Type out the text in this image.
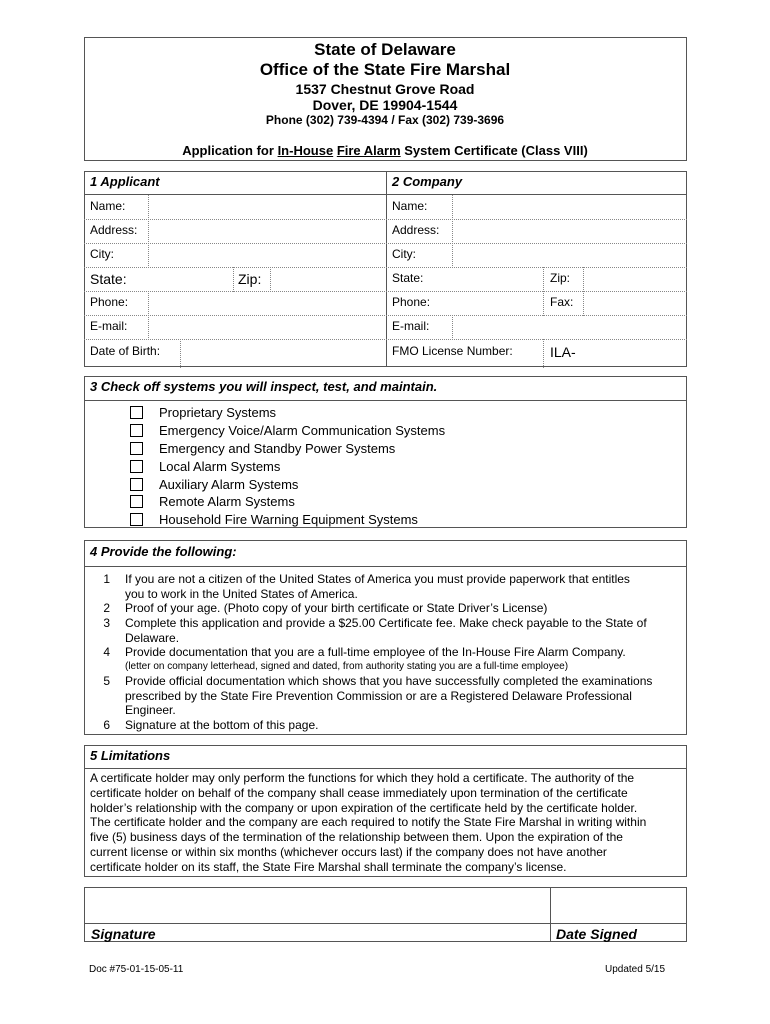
State of Delaware
Office of the State Fire Marshal
1537 Chestnut Grove Road
Dover, DE 19904-1544
Phone (302) 739-4394 / Fax (302) 739-3696
Application for In-House Fire Alarm System Certificate (Class VIII)
1 Applicant	2 Company
Name:
Address:
City:
State:	Zip:
Phone:
E-mail:
Date of Birth:
Name:
Address:
City:
State:	Zip:
Phone:	Fax:
E-mail:
FMO License Number:	ILA-
3 Check off systems you will inspect, test, and maintain.
Proprietary Systems
Emergency Voice/Alarm Communication Systems
Emergency and Standby Power Systems
Local Alarm Systems
Auxiliary Alarm Systems
Remote Alarm Systems
Household Fire Warning Equipment Systems
4 Provide the following:
1 If you are not a citizen of the United States of America you must provide paperwork that entitles
you to work in the United States of America.
2 Proof of your age. (Photo copy of your birth certificate or State Driver’s License)
3 Complete this application and provide a $25.00 Certificate fee. Make check payable to the State of
Delaware.
4 Provide documentation that you are a full-time employee of the In-House Fire Alarm Company.
(letter on company letterhead, signed and dated, from authority stating you are a full-time employee)
5 Provide official documentation which shows that you have successfully completed the examinations
prescribed by the State Fire Prevention Commission or are a Registered Delaware Professional
Engineer.
6 Signature at the bottom of this page.
5 Limitations
A certificate holder may only perform the functions for which they hold a certificate. The authority of the
certificate holder on behalf of the company shall cease immediately upon termination of the certificate
holder’s relationship with the company or upon expiration of the certificate held by the certificate holder.
The certificate holder and the company are each required to notify the State Fire Marshal in writing within
five (5) business days of the termination of the relationship between them. Upon the expiration of the
current license or within six months (whichever occurs last) if the company does not have another
certificate holder on its staff, the State Fire Marshal shall terminate the company’s license.
Signature	Date Signed
Doc #75-01-15-05-11	Updated 5/15
